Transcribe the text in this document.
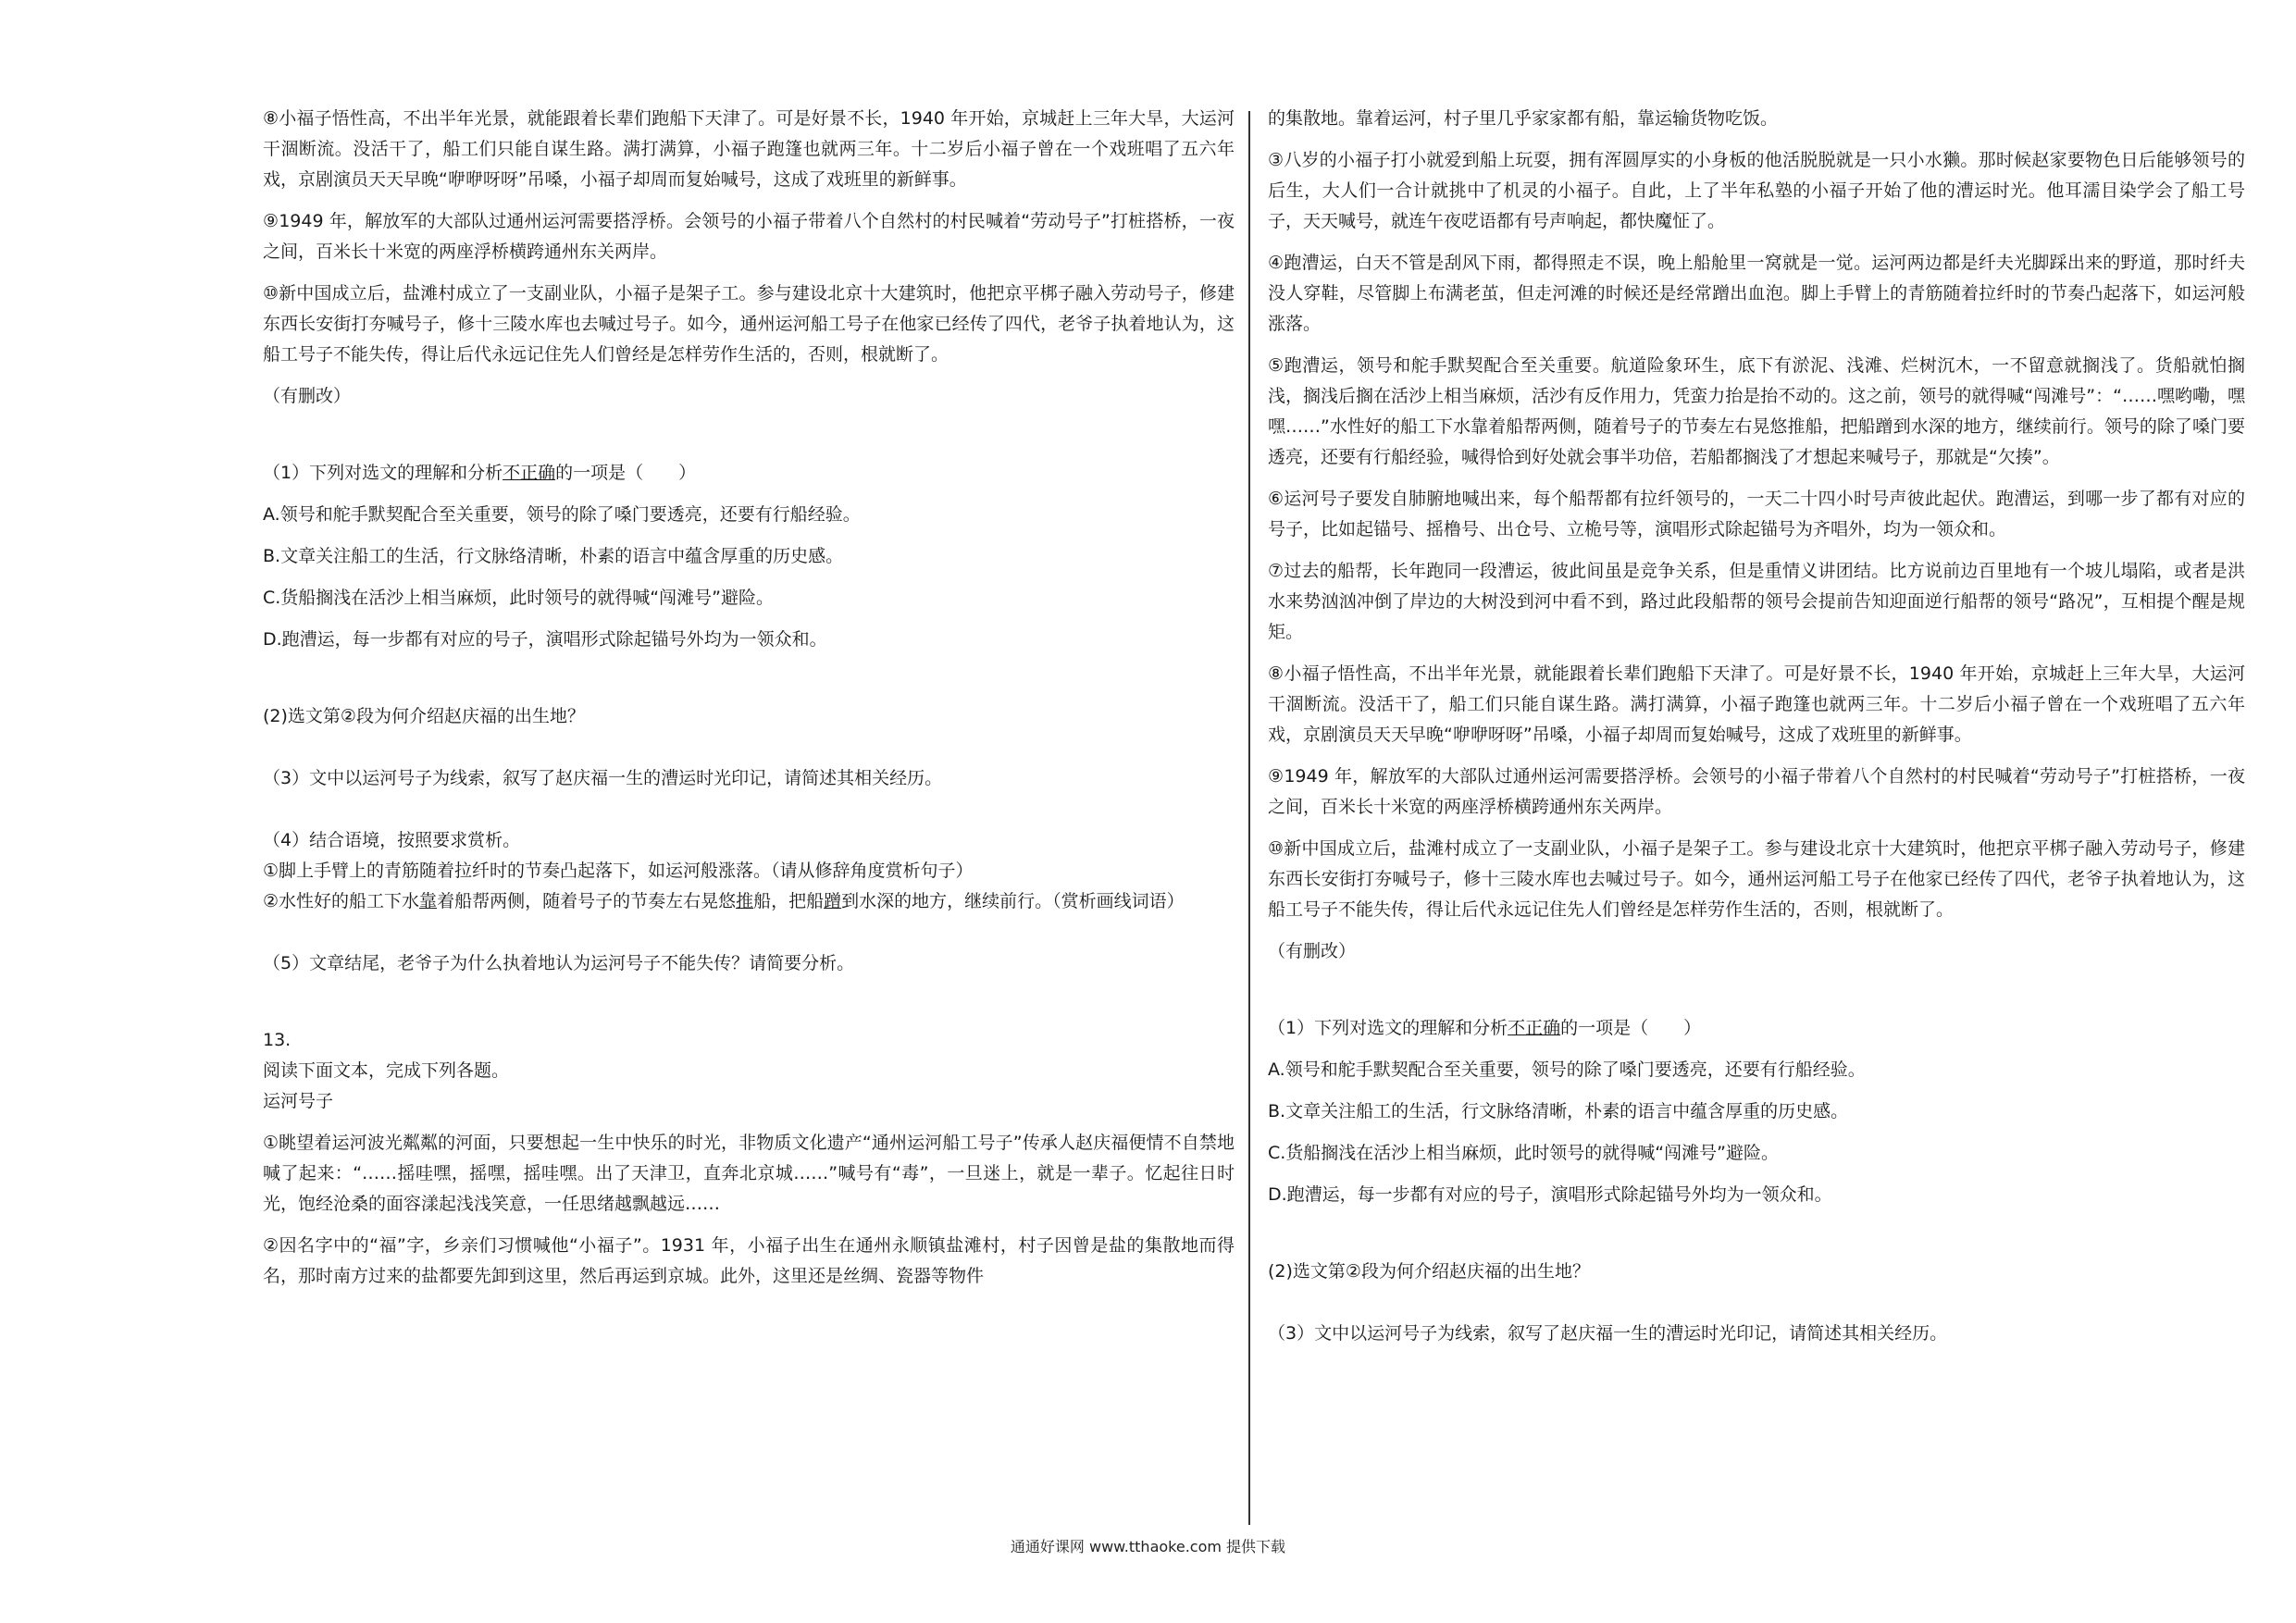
⑧小福子悟性高，不出半年光景，就能跟着长辈们跑船下天津了。可是好景不长，1940 年开始，京城赶上三年大旱，大运河干涸断流。没活干了，船工们只能自谋生路。满打满算，小福子跑篷也就两三年。十二岁后小福子曾在一个戏班唱了五六年戏，京剧演员天天早晚“咿咿呀呀”吊嗓，小福子却周而复始喊号，这成了戏班里的新鲜事。

⑨1949 年，解放军的大部队过通州运河需要搭浮桥。会领号的小福子带着八个自然村的村民喊着“劳动号子”打桩搭桥，一夜之间，百米长十米宽的两座浮桥横跨通州东关两岸。

⑩新中国成立后，盐滩村成立了一支副业队，小福子是架子工。参与建设北京十大建筑时，他把京平梆子融入劳动号子，修建东西长安街打夯喊号子，修十三陵水库也去喊过号子。如今，通州运河船工号子在他家已经传了四代，老爷子执着地认为，这船工号子不能失传，得让后代永远记住先人们曾经是怎样劳作生活的，否则，根就断了。

（有删改）

（1）下列对选文的理解和分析不正确的一项是（　　）

A.领号和舵手默契配合至关重要，领号的除了嗓门要透亮，还要有行船经验。

B.文章关注船工的生活，行文脉络清晰，朴素的语言中蕴含厚重的历史感。

C.货船搁浅在活沙上相当麻烦，此时领号的就得喊“闯滩号”避险。

D.跑漕运，每一步都有对应的号子，演唱形式除起锚号外均为一领众和。

(2)选文第②段为何介绍赵庆福的出生地？

（3）文中以运河号子为线索，叙写了赵庆福一生的漕运时光印记，请简述其相关经历。

（4）结合语境，按照要求赏析。

①脚上手臂上的青筋随着拉纤时的节奏凸起落下，如运河般涨落。（请从修辞角度赏析句子）

②水性好的船工下水靠着船帮两侧，随着号子的节奏左右晃悠推船，把船蹭到水深的地方，继续前行。（赏析画线词语）

（5）文章结尾，老爷子为什么执着地认为运河号子不能失传？请简要分析。

13.

阅读下面文本，完成下列各题。

运河号子

①眺望着运河波光粼粼的河面，只要想起一生中快乐的时光，非物质文化遗产“通州运河船工号子”传承人赵庆福便情不自禁地喊了起来：“……摇哇嘿，摇嘿，摇哇嘿。出了天津卫，直奔北京城……”喊号有“毒”，一旦迷上，就是一辈子。忆起往日时光，饱经沧桑的面容漾起浅浅笑意，一任思绪越飘越远……

②因名字中的“福”字，乡亲们习惯喊他“小福子”。1931 年，小福子出生在通州永顺镇盐滩村，村子因曾是盐的集散地而得名，那时南方过来的盐都要先卸到这里，然后再运到京城。此外，这里还是丝绸、瓷器等物件

的集散地。靠着运河，村子里几乎家家都有船，靠运输货物吃饭。

③八岁的小福子打小就爱到船上玩耍，拥有浑圆厚实的小身板的他活脱脱就是一只小水獭。那时候赵家要物色日后能够领号的后生，大人们一合计就挑中了机灵的小福子。自此，上了半年私塾的小福子开始了他的漕运时光。他耳濡目染学会了船工号子，天天喊号，就连午夜呓语都有号声响起，都快魔怔了。

④跑漕运，白天不管是刮风下雨，都得照走不误，晚上船舱里一窝就是一觉。运河两边都是纤夫光脚踩出来的野道，那时纤夫没人穿鞋，尽管脚上布满老茧，但走河滩的时候还是经常蹭出血泡。脚上手臂上的青筋随着拉纤时的节奏凸起落下，如运河般涨落。

⑤跑漕运，领号和舵手默契配合至关重要。航道险象环生，底下有淤泥、浅滩、烂树沉木，一不留意就搁浅了。货船就怕搁浅，搁浅后搁在活沙上相当麻烦，活沙有反作用力，凭蛮力抬是抬不动的。这之前，领号的就得喊“闯滩号”：“……嘿哟嘞，嘿嘿……”水性好的船工下水靠着船帮两侧，随着号子的节奏左右晃悠推船，把船蹭到水深的地方，继续前行。领号的除了嗓门要透亮，还要有行船经验，喊得恰到好处就会事半功倍，若船都搁浅了才想起来喊号子，那就是“欠揍”。

⑥运河号子要发自肺腑地喊出来，每个船帮都有拉纤领号的，一天二十四小时号声彼此起伏。跑漕运，到哪一步了都有对应的号子，比如起锚号、摇橹号、出仓号、立桅号等，演唱形式除起锚号为齐唱外，均为一领众和。

⑦过去的船帮，长年跑同一段漕运，彼此间虽是竞争关系，但是重情义讲团结。比方说前边百里地有一个坡儿塌陷，或者是洪水来势汹汹冲倒了岸边的大树没到河中看不到，路过此段船帮的领号会提前告知迎面逆行船帮的领号“路况”，互相提个醒是规矩。

⑧小福子悟性高，不出半年光景，就能跟着长辈们跑船下天津了。可是好景不长，1940 年开始，京城赶上三年大旱，大运河干涸断流。没活干了，船工们只能自谋生路。满打满算，小福子跑篷也就两三年。十二岁后小福子曾在一个戏班唱了五六年戏，京剧演员天天早晚“咿咿呀呀”吊嗓，小福子却周而复始喊号，这成了戏班里的新鲜事。

⑨1949 年，解放军的大部队过通州运河需要搭浮桥。会领号的小福子带着八个自然村的村民喊着“劳动号子”打桩搭桥，一夜之间，百米长十米宽的两座浮桥横跨通州东关两岸。

⑩新中国成立后，盐滩村成立了一支副业队，小福子是架子工。参与建设北京十大建筑时，他把京平梆子融入劳动号子，修建东西长安街打夯喊号子，修十三陵水库也去喊过号子。如今，通州运河船工号子在他家已经传了四代，老爷子执着地认为，这船工号子不能失传，得让后代永远记住先人们曾经是怎样劳作生活的，否则，根就断了。

（有删改）

（1）下列对选文的理解和分析不正确的一项是（　　）

A.领号和舵手默契配合至关重要，领号的除了嗓门要透亮，还要有行船经验。

B.文章关注船工的生活，行文脉络清晰，朴素的语言中蕴含厚重的历史感。

C.货船搁浅在活沙上相当麻烦，此时领号的就得喊“闯滩号”避险。

D.跑漕运，每一步都有对应的号子，演唱形式除起锚号外均为一领众和。

(2)选文第②段为何介绍赵庆福的出生地？

（3）文中以运河号子为线索，叙写了赵庆福一生的漕运时光印记，请简述其相关经历。

通通好课网 www.tthaoke.com 提供下载
